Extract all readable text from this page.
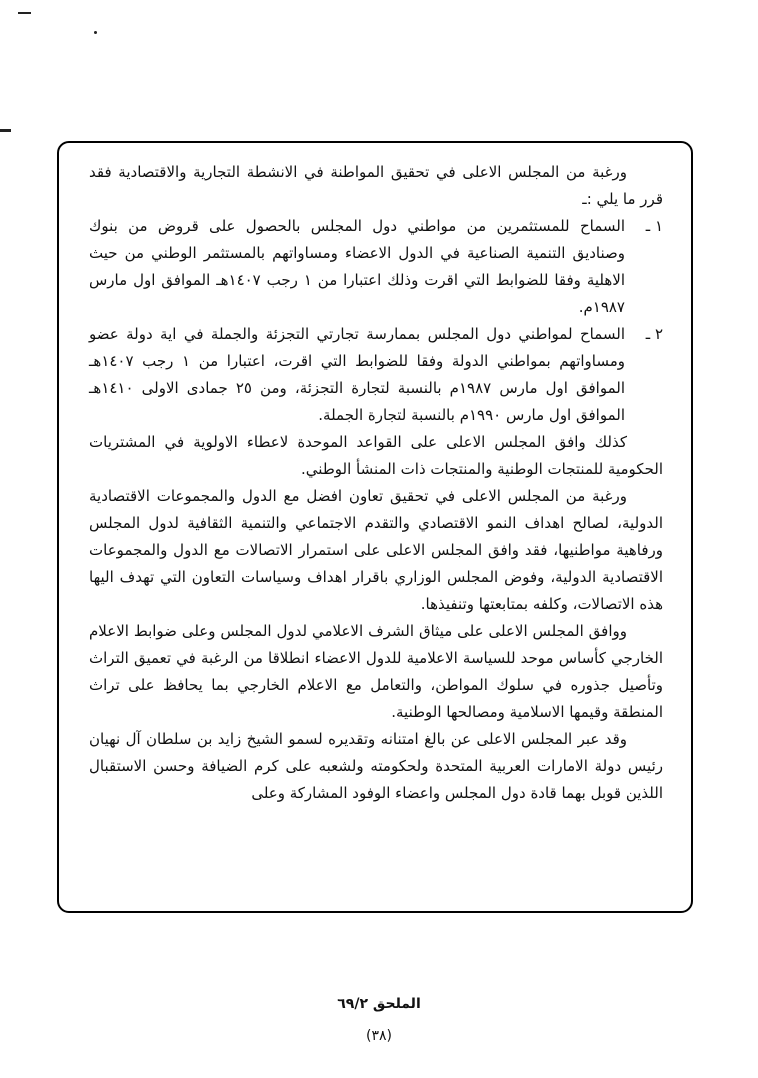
ورغبة من المجلس الاعلى في تحقيق المواطنة في الانشطة التجارية والاقتصادية فقد قرر ما يلي :ـ

١ ـ
السماح للمستثمرين من مواطني دول المجلس بالحصول على قروض من بنوك وصناديق التنمية الصناعية في الدول الاعضاء ومساواتهم بالمستثمر الوطني من حيث الاهلية وفقا للضوابط التي اقرت وذلك اعتبارا من ١ رجب ١٤٠٧هـ الموافق اول مارس ١٩٨٧م.
٢ ـ
السماح لمواطني دول المجلس بممارسة تجارتي التجزئة والجملة في اية دولة عضو ومساواتهم بمواطني الدولة وفقا للضوابط التي اقرت، اعتبارا من ١ رجب ١٤٠٧هـ الموافق اول مارس ١٩٨٧م بالنسبة لتجارة التجزئة، ومن ٢٥ جمادى الاولى ١٤١٠هـ الموافق اول مارس ١٩٩٠م بالنسبة لتجارة الجملة.

كذلك وافق المجلس الاعلى على القواعد الموحدة لاعطاء الاولوية في المشتريات الحكومية للمنتجات الوطنية والمنتجات ذات المنشأ الوطني.

ورغبة من المجلس الاعلى في تحقيق تعاون افضل مع الدول والمجموعات الاقتصادية الدولية، لصالح اهداف النمو الاقتصادي والتقدم الاجتماعي والتنمية الثقافية لدول المجلس ورفاهية مواطنيها، فقد وافق المجلس الاعلى على استمرار الاتصالات مع الدول والمجموعات الاقتصادية الدولية، وفوض المجلس الوزاري باقرار اهداف وسياسات التعاون التي تهدف اليها هذه الاتصالات، وكلفه بمتابعتها وتنفيذها.

ووافق المجلس الاعلى على ميثاق الشرف الاعلامي لدول المجلس وعلى ضوابط الاعلام الخارجي كأساس موحد للسياسة الاعلامية للدول الاعضاء انطلاقا من الرغبة في تعميق التراث وتأصيل جذوره في سلوك المواطن، والتعامل مع الاعلام الخارجي بما يحافظ على تراث المنطقة وقيمها الاسلامية ومصالحها الوطنية.

وقد عبر المجلس الاعلى عن بالغ امتنانه وتقديره لسمو الشيخ زايد بن سلطان آل نهيان رئيس دولة الامارات العربية المتحدة ولحكومته ولشعبه على كرم الضيافة وحسن الاستقبال اللذين قوبل بهما قادة دول المجلس واعضاء الوفود المشاركة وعلى

الملحق ٦٩/٢
(٣٨)
